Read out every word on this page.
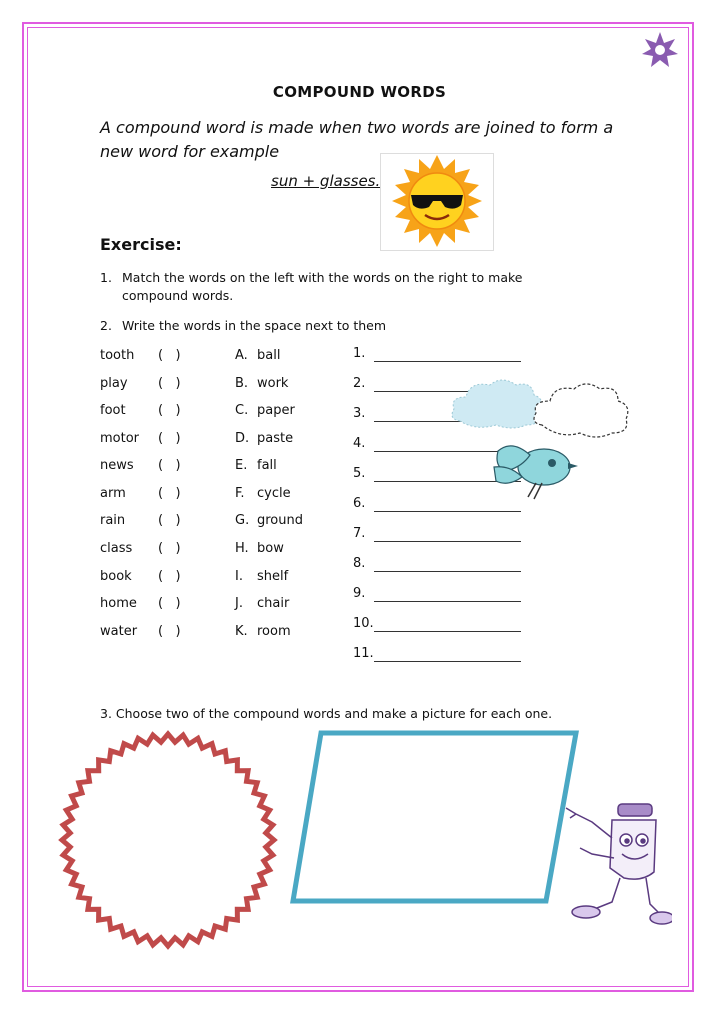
COMPOUND WORDS
A compound word is made when two words are joined to form a new word for example
sun + glasses.
Exercise:
1. Match the words on the left with the words on the right to make compound words.
2. Write the words in the space next to them
tooth
play
foot
motor
news
arm
rain
class
book
home
water
(   )
(   )
(   )
(   )
(   )
(   )
(   )
(   )
(   )
(   )
(   )
A. ball
B. work
C. paper
D. paste
E. fall
F. cycle
G. ground
H. bow
I. shelf
J. chair
K. room
1.
2.
3.
4.
5.
6.
7.
8.
9.
10.
11.
3. Choose two of the compound words and make a picture for each one.
